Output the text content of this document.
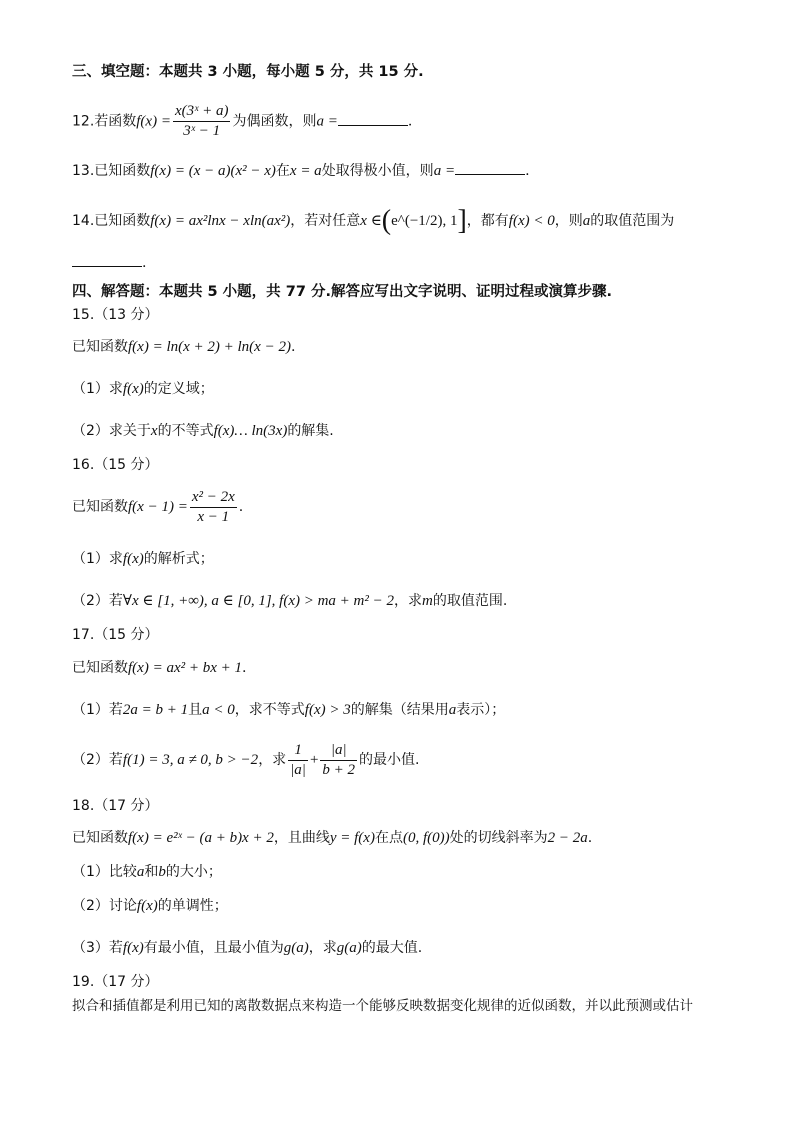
三、填空题：本题共 3 小题，每小题 5 分，共 15 分.
12.若函数$f(x) = \frac{\text{x(3ˣ + a)}}{\text{3ˣ − 1}}$ 为偶函数，则a =	.
13.已知函数f(x) = (x − a)(x² − x)在x = a处取得极小值，则a =	.
14.已知函数f(x) = ax²lnx − xln(ax²)，若对任意x ∈(e^(−1/2), 1]，都有f(x) < 0，则a的取值范围为
.
四、解答题：本题共 5 小题，共 77 分.解答应写出文字说明、证明过程或演算步骤.
15.（13 分）
已知函数f(x) = ln(x + 2) + ln(x − 2).
（1）求f(x)的定义域；
（2）求关于x的不等式f(x)… ln(3x)的解集.
16.（15 分）
已知函数$f(x - 1) = \frac{\text{x² − 2x}}{x - 1}$ .
（1）求f(x)的解析式；
（2）若∀x ∈ [1, +∞), a ∈ [0, 1], f(x) > ma + m² − 2，求m的取值范围.
17.（15 分）
已知函数f(x) = ax² + bx + 1.
（1）若2a = b + 1且a < 0，求不等式f(x) > 3的解集（结果用a表示）；
（2）若f(1) = 3, a ≠ 0, b > −2，求 $\frac{1}{|a|} + \frac{|a|}{b + 2}$ 的最小值.
18.（17 分）
已知函数f(x) = e²ˣ − (a + b)x + 2，且曲线y = f(x)在点(0, f(0))处的切线斜率为2 − 2a.
（1）比较a和b的大小；
（2）讨论f(x)的单调性；
（3）若f(x)有最小值，且最小值为g(a)，求g(a)的最大值.
19.（17 分）
拟合和插值都是利用已知的离散数据点来构造一个能够反映数据变化规律的近似函数，并以此预测或估计
